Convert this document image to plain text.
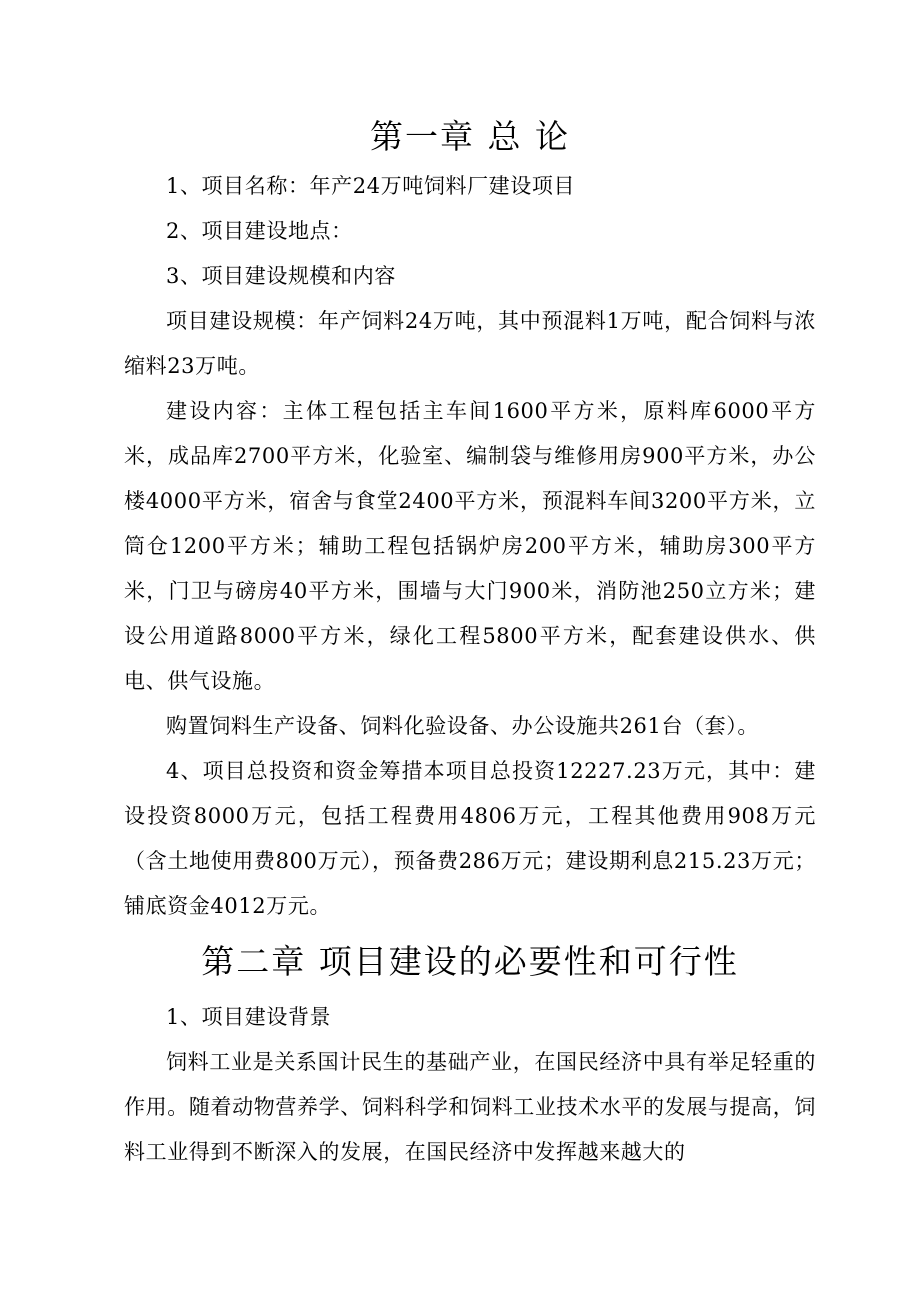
第一章 总 论

1、项目名称：年产24万吨饲料厂建设项目

2、项目建设地点：

3、项目建设规模和内容

项目建设规模：年产饲料24万吨，其中预混料1万吨，配合饲料与浓缩料23万吨。

建设内容：主体工程包括主车间1600平方米，原料库6000平方米，成品库2700平方米，化验室、编制袋与维修用房900平方米，办公楼4000平方米，宿舍与食堂2400平方米，预混料车间3200平方米，立筒仓1200平方米；辅助工程包括锅炉房200平方米，辅助房300平方米，门卫与磅房40平方米，围墙与大门900米，消防池250立方米；建设公用道路8000平方米，绿化工程5800平方米，配套建设供水、供电、供气设施。

购置饲料生产设备、饲料化验设备、办公设施共261台（套）。

4、项目总投资和资金筹措本项目总投资12227.23万元，其中：建设投资8000万元，包括工程费用4806万元，工程其他费用908万元（含土地使用费800万元），预备费286万元；建设期利息215.23万元；铺底资金4012万元。

第二章 项目建设的必要性和可行性

1、项目建设背景

饲料工业是关系国计民生的基础产业，在国民经济中具有举足轻重的作用。随着动物营养学、饲料科学和饲料工业技术水平的发展与提高，饲料工业得到不断深入的发展，在国民经济中发挥越来越大的
